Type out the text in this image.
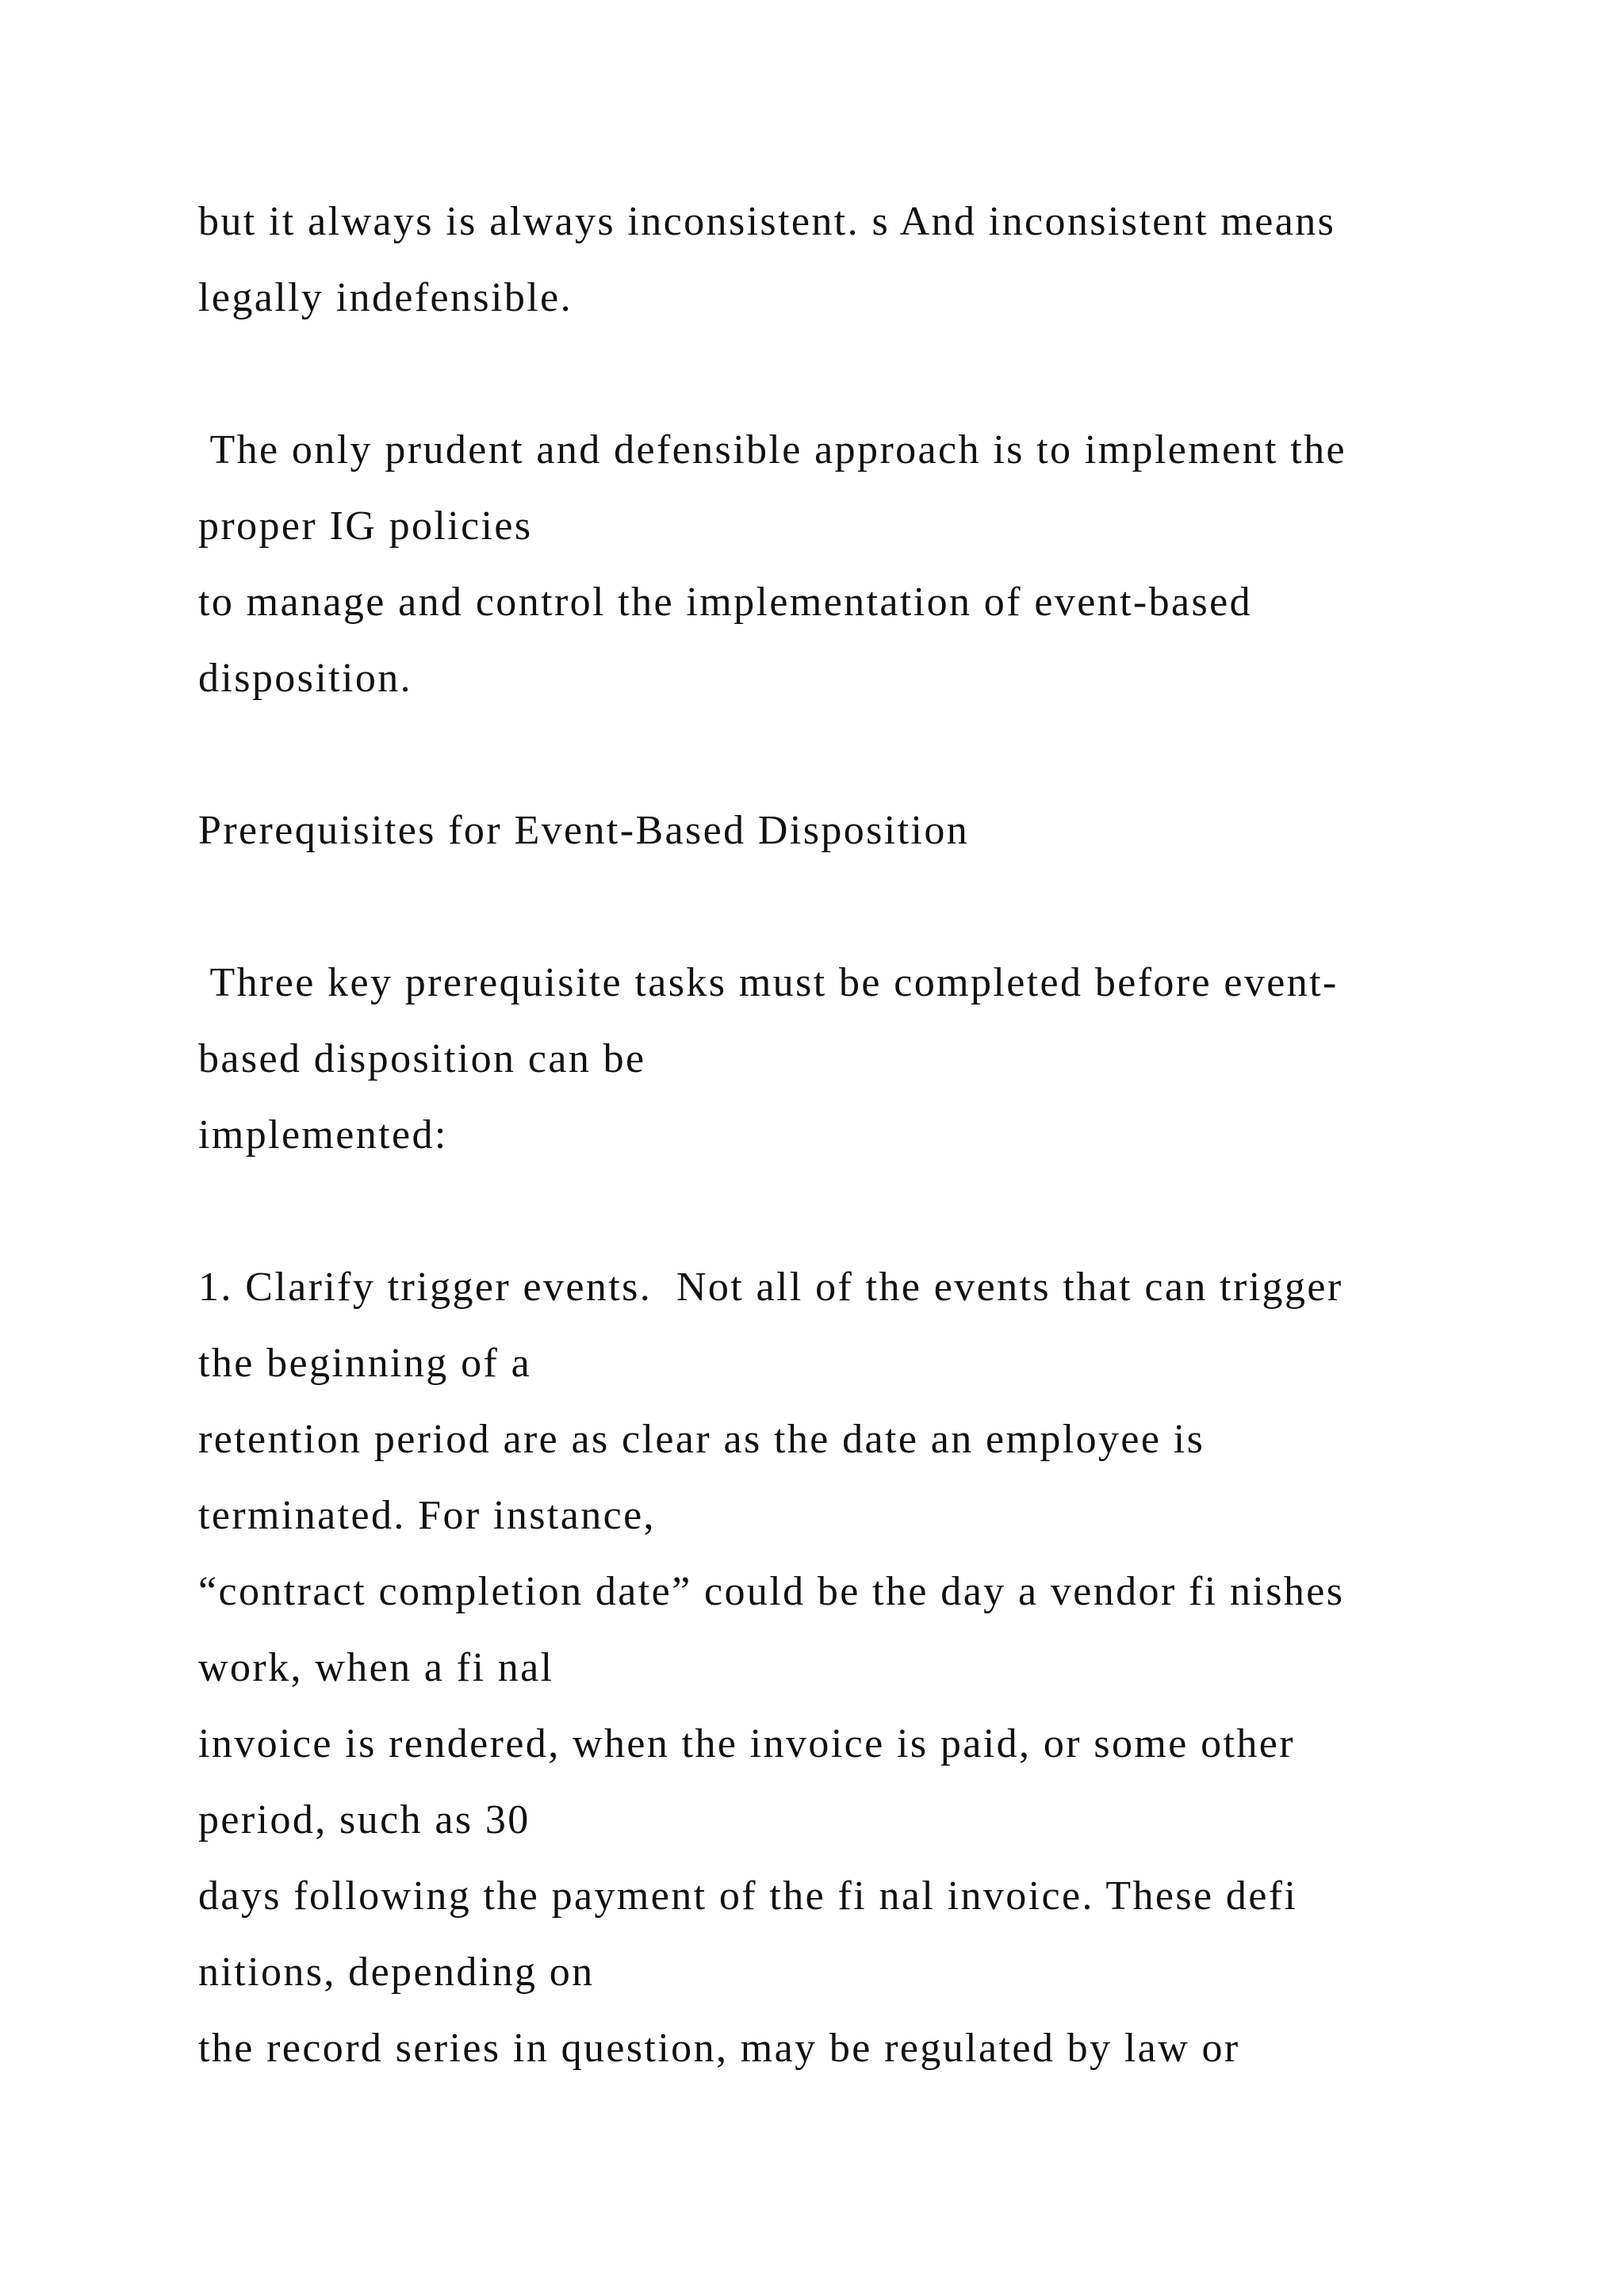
but it always is always inconsistent. s And inconsistent means
legally indefensible.
The only prudent and defensible approach is to implement the
proper IG policies
to manage and control the implementation of event-based
disposition.
Prerequisites for Event-Based Disposition
Three key prerequisite tasks must be completed before event-
based disposition can be
implemented:
1. Clarify trigger events.  Not all of the events that can trigger
the beginning of a
retention period are as clear as the date an employee is
terminated. For instance,
“contract completion date” could be the day a vendor fi nishes
work, when a fi nal
invoice is rendered, when the invoice is paid, or some other
period, such as 30
days following the payment of the fi nal invoice. These defi
nitions, depending on
the record series in question, may be regulated by law or
